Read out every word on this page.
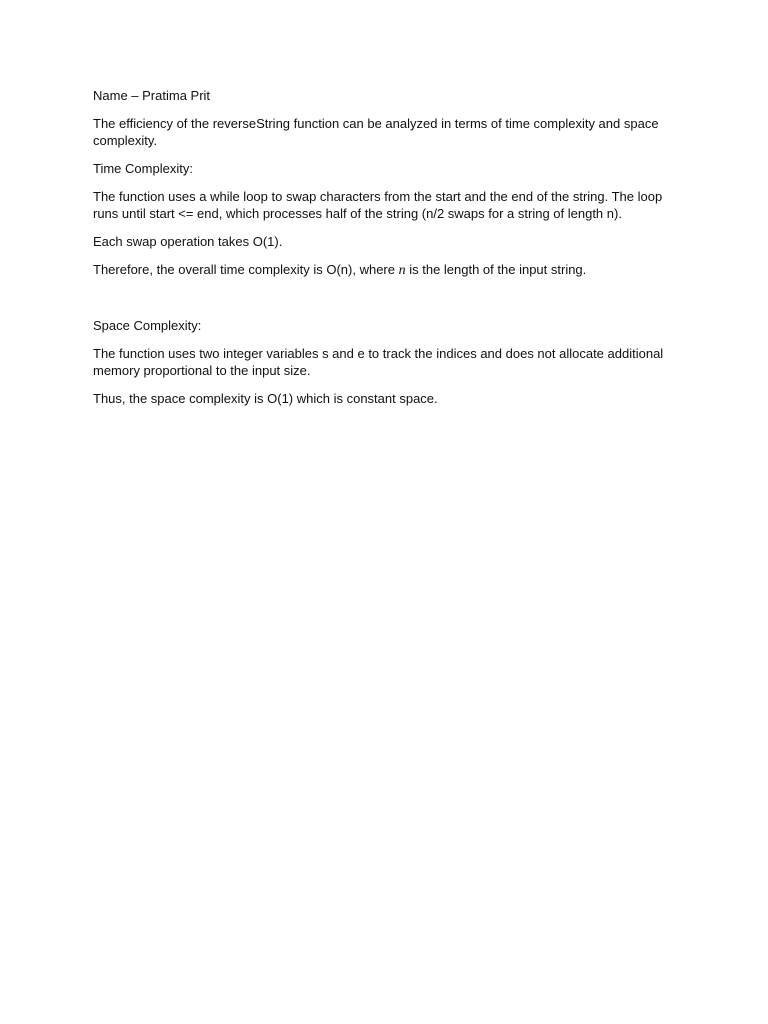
Name – Pratima Prit

The efficiency of the reverseString function can be analyzed in terms of time complexity and space complexity.

Time Complexity:

The function uses a while loop to swap characters from the start and the end of the string. The loop runs until start <= end, which processes half of the string (n/2 swaps for a string of length n).

Each swap operation takes O(1).

Therefore, the overall time complexity is O(n), where n is the length of the input string.

Space Complexity:

The function uses two integer variables s and e to track the indices and does not allocate additional memory proportional to the input size.

Thus, the space complexity is O(1) which is constant space.
